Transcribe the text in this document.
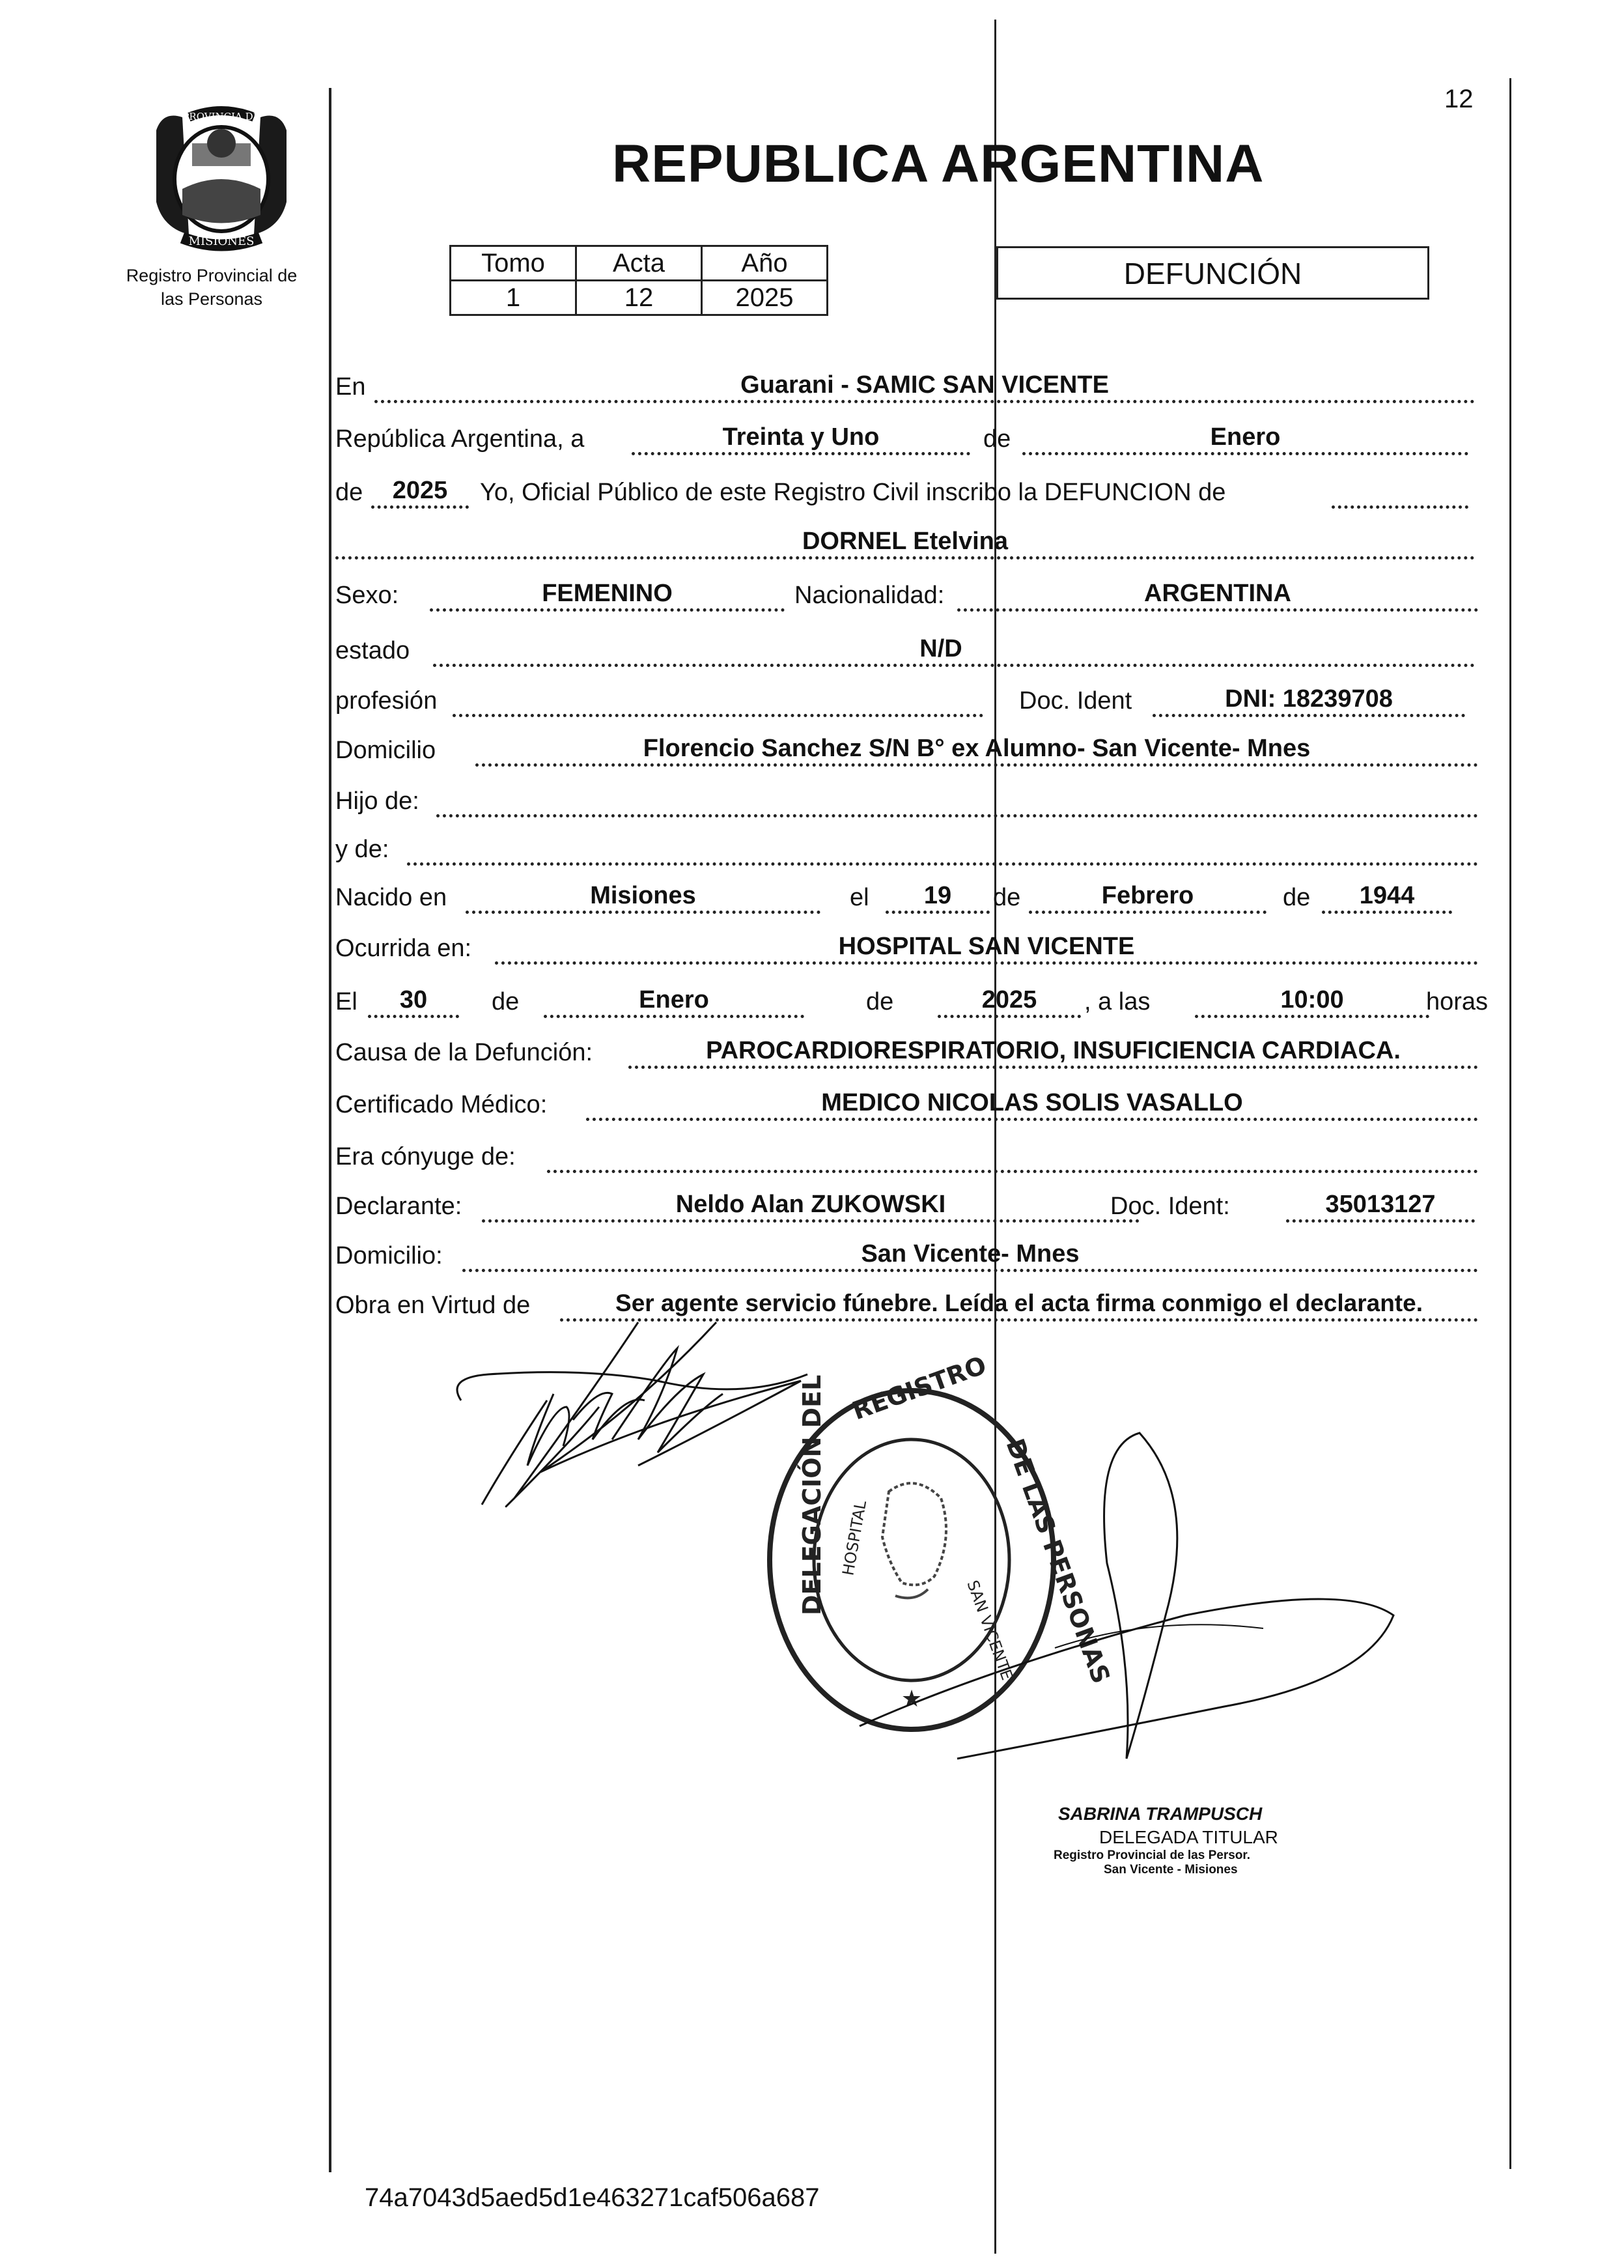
12
PROVINCIA DE
MISIONES
Registro Provincial de
las Personas
REPUBLICA ARGENTINA
Tomo	Acta	Año
1	12	2025
DEFUNCIÓN
En	Guarani - SAMIC SAN VICENTE
República Argentina, a	Treinta y Uno	de	Enero
de	2025	Yo, Oficial Público de este Registro Civil inscribo la DEFUNCION de
DORNEL Etelvina
Sexo:	FEMENINO	Nacionalidad:	ARGENTINA
estado	N/D
profesión	Doc. Ident	DNI: 18239708
Domicilio	Florencio Sanchez S/N B° ex Alumno- San Vicente- Mnes
Hijo de:
y de:
Nacido en	Misiones	el	19	de	Febrero	de	1944
Ocurrida en:	HOSPITAL SAN VICENTE
El	30	de	Enero	de	2025	, a las	10:00	horas
Causa de la Defunción:	PAROCARDIORESPIRATORIO, INSUFICIENCIA CARDIACA.
Certificado Médico:	MEDICO NICOLAS SOLIS VASALLO
Era cónyuge de:
Declarante:	Neldo Alan ZUKOWSKI	Doc. Ident:	35013127
Domicilio:	San Vicente- Mnes
Obra en Virtud de	Ser agente servicio fúnebre. Leída el acta firma conmigo el declarante.
DELEGACIÓN DEL REGISTRO
DE LAS PERSONAS
HOSPITAL
SAN VICENTE
★
SABRINA TRAMPUSCH
DELEGADA TITULAR
Registro Provincial de las Persor.
San Vicente - Misiones
74a7043d5aed5d1e463271caf506a687
